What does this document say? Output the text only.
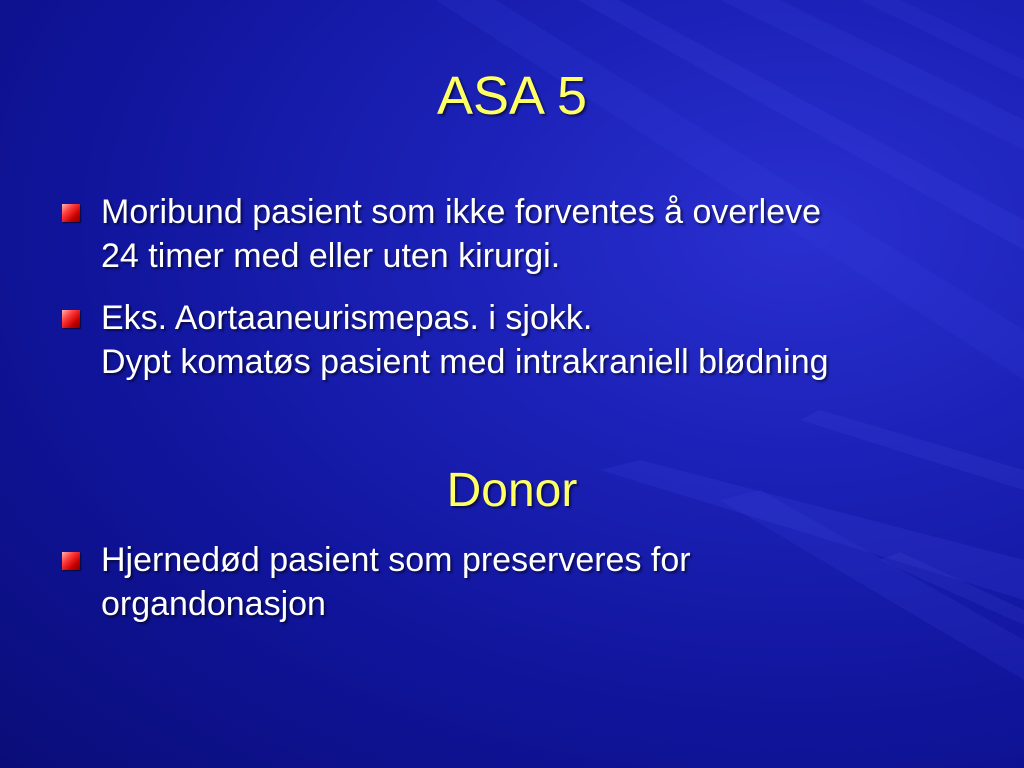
ASA 5
Moribund pasient som ikke forventes å overleve
24 timer med eller uten kirurgi.
Eks. Aortaaneurismepas. i sjokk.
Dypt komatøs pasient med intrakraniell blødning
Donor
Hjernedød pasient som preserveres for
organdonasjon
